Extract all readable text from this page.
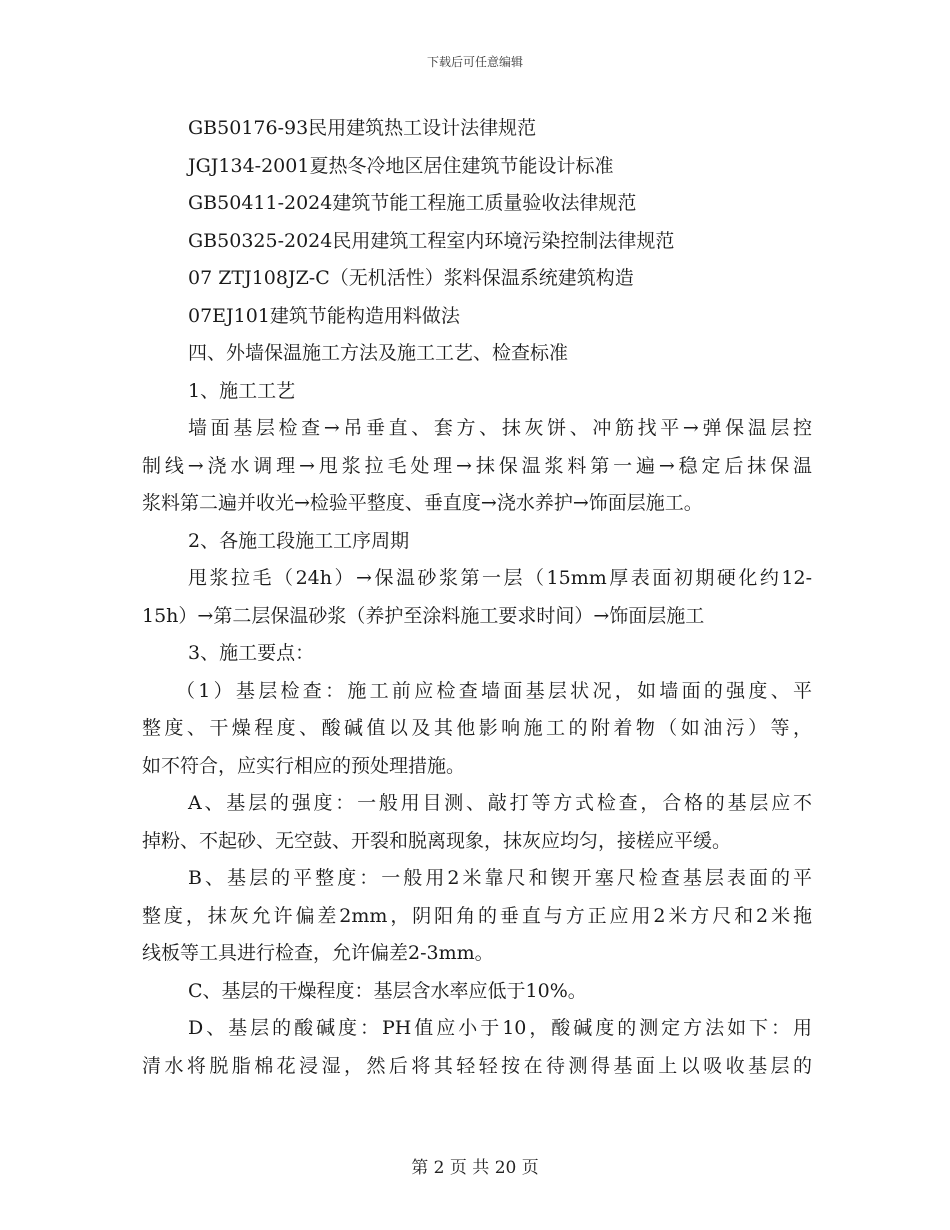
下载后可任意编辑
GB50176-93民用建筑热工设计法律规范
JGJ134-2001夏热冬冷地区居住建筑节能设计标准
GB50411-2024建筑节能工程施工质量验收法律规范
GB50325-2024民用建筑工程室内环境污染控制法律规范
07 ZTJ108JZ-C（无机活性）浆料保温系统建筑构造
07EJ101建筑节能构造用料做法
四、外墙保温施工方法及施工工艺、检查标准
1、施工工艺
墙面基层检查→吊垂直、套方、抹灰饼、冲筋找平→弹保温层控
制线→浇水调理→甩浆拉毛处理→抹保温浆料第一遍→稳定后抹保温
浆料第二遍并收光→检验平整度、垂直度→浇水养护→饰面层施工。
2、各施工段施工工序周期
甩浆拉毛（24h）→保温砂浆第一层（15mm厚表面初期硬化约12-
15h）→第二层保温砂浆（养护至涂料施工要求时间）→饰面层施工
3、施工要点：
（1）基层检查：施工前应检查墙面基层状况，如墙面的强度、平
整度、干燥程度、酸碱值以及其他影响施工的附着物（如油污）等，
如不符合，应实行相应的预处理措施。
A、基层的强度：一般用目测、敲打等方式检查，合格的基层应不
掉粉、不起砂、无空鼓、开裂和脱离现象，抹灰应均匀，接槎应平缓。
B、基层的平整度：一般用2米靠尺和锲开塞尺检查基层表面的平
整度，抹灰允许偏差2mm，阴阳角的垂直与方正应用2米方尺和2米拖
线板等工具进行检查，允许偏差2-3mm。
C、基层的干燥程度：基层含水率应低于10%。
D、基层的酸碱度：PH值应小于10，酸碱度的测定方法如下：用
清水将脱脂棉花浸湿，然后将其轻轻按在待测得基面上以吸收基层的
第 2 页 共 20 页
